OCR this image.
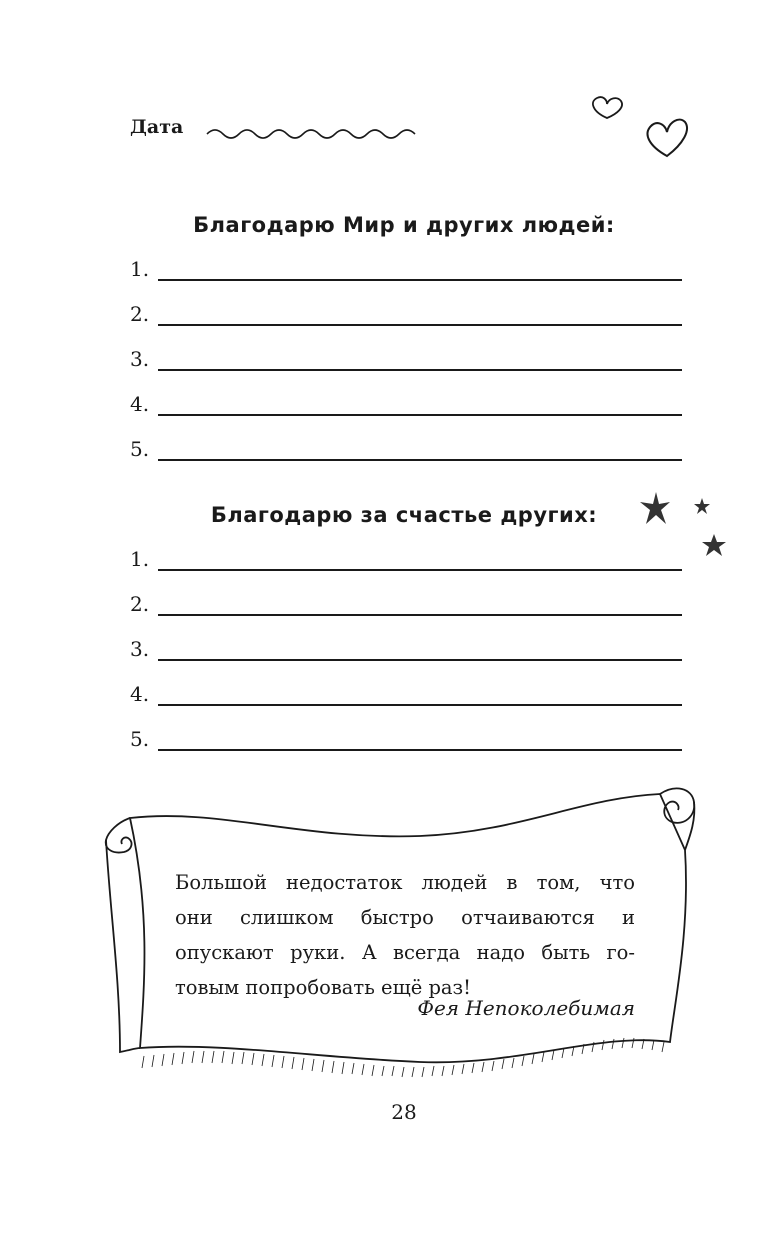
Дата
Благодарю Мир и других людей:
1.
2.
3.
4.
5.
Благодарю за счастье других:
1.
2.
3.
4.
5.
Большой недостаток людей в том, что
они слишком быстро отчаиваются и
опускают руки. А всегда надо быть го-
товым попробовать ещё раз!
Фея Непоколебимая
28
